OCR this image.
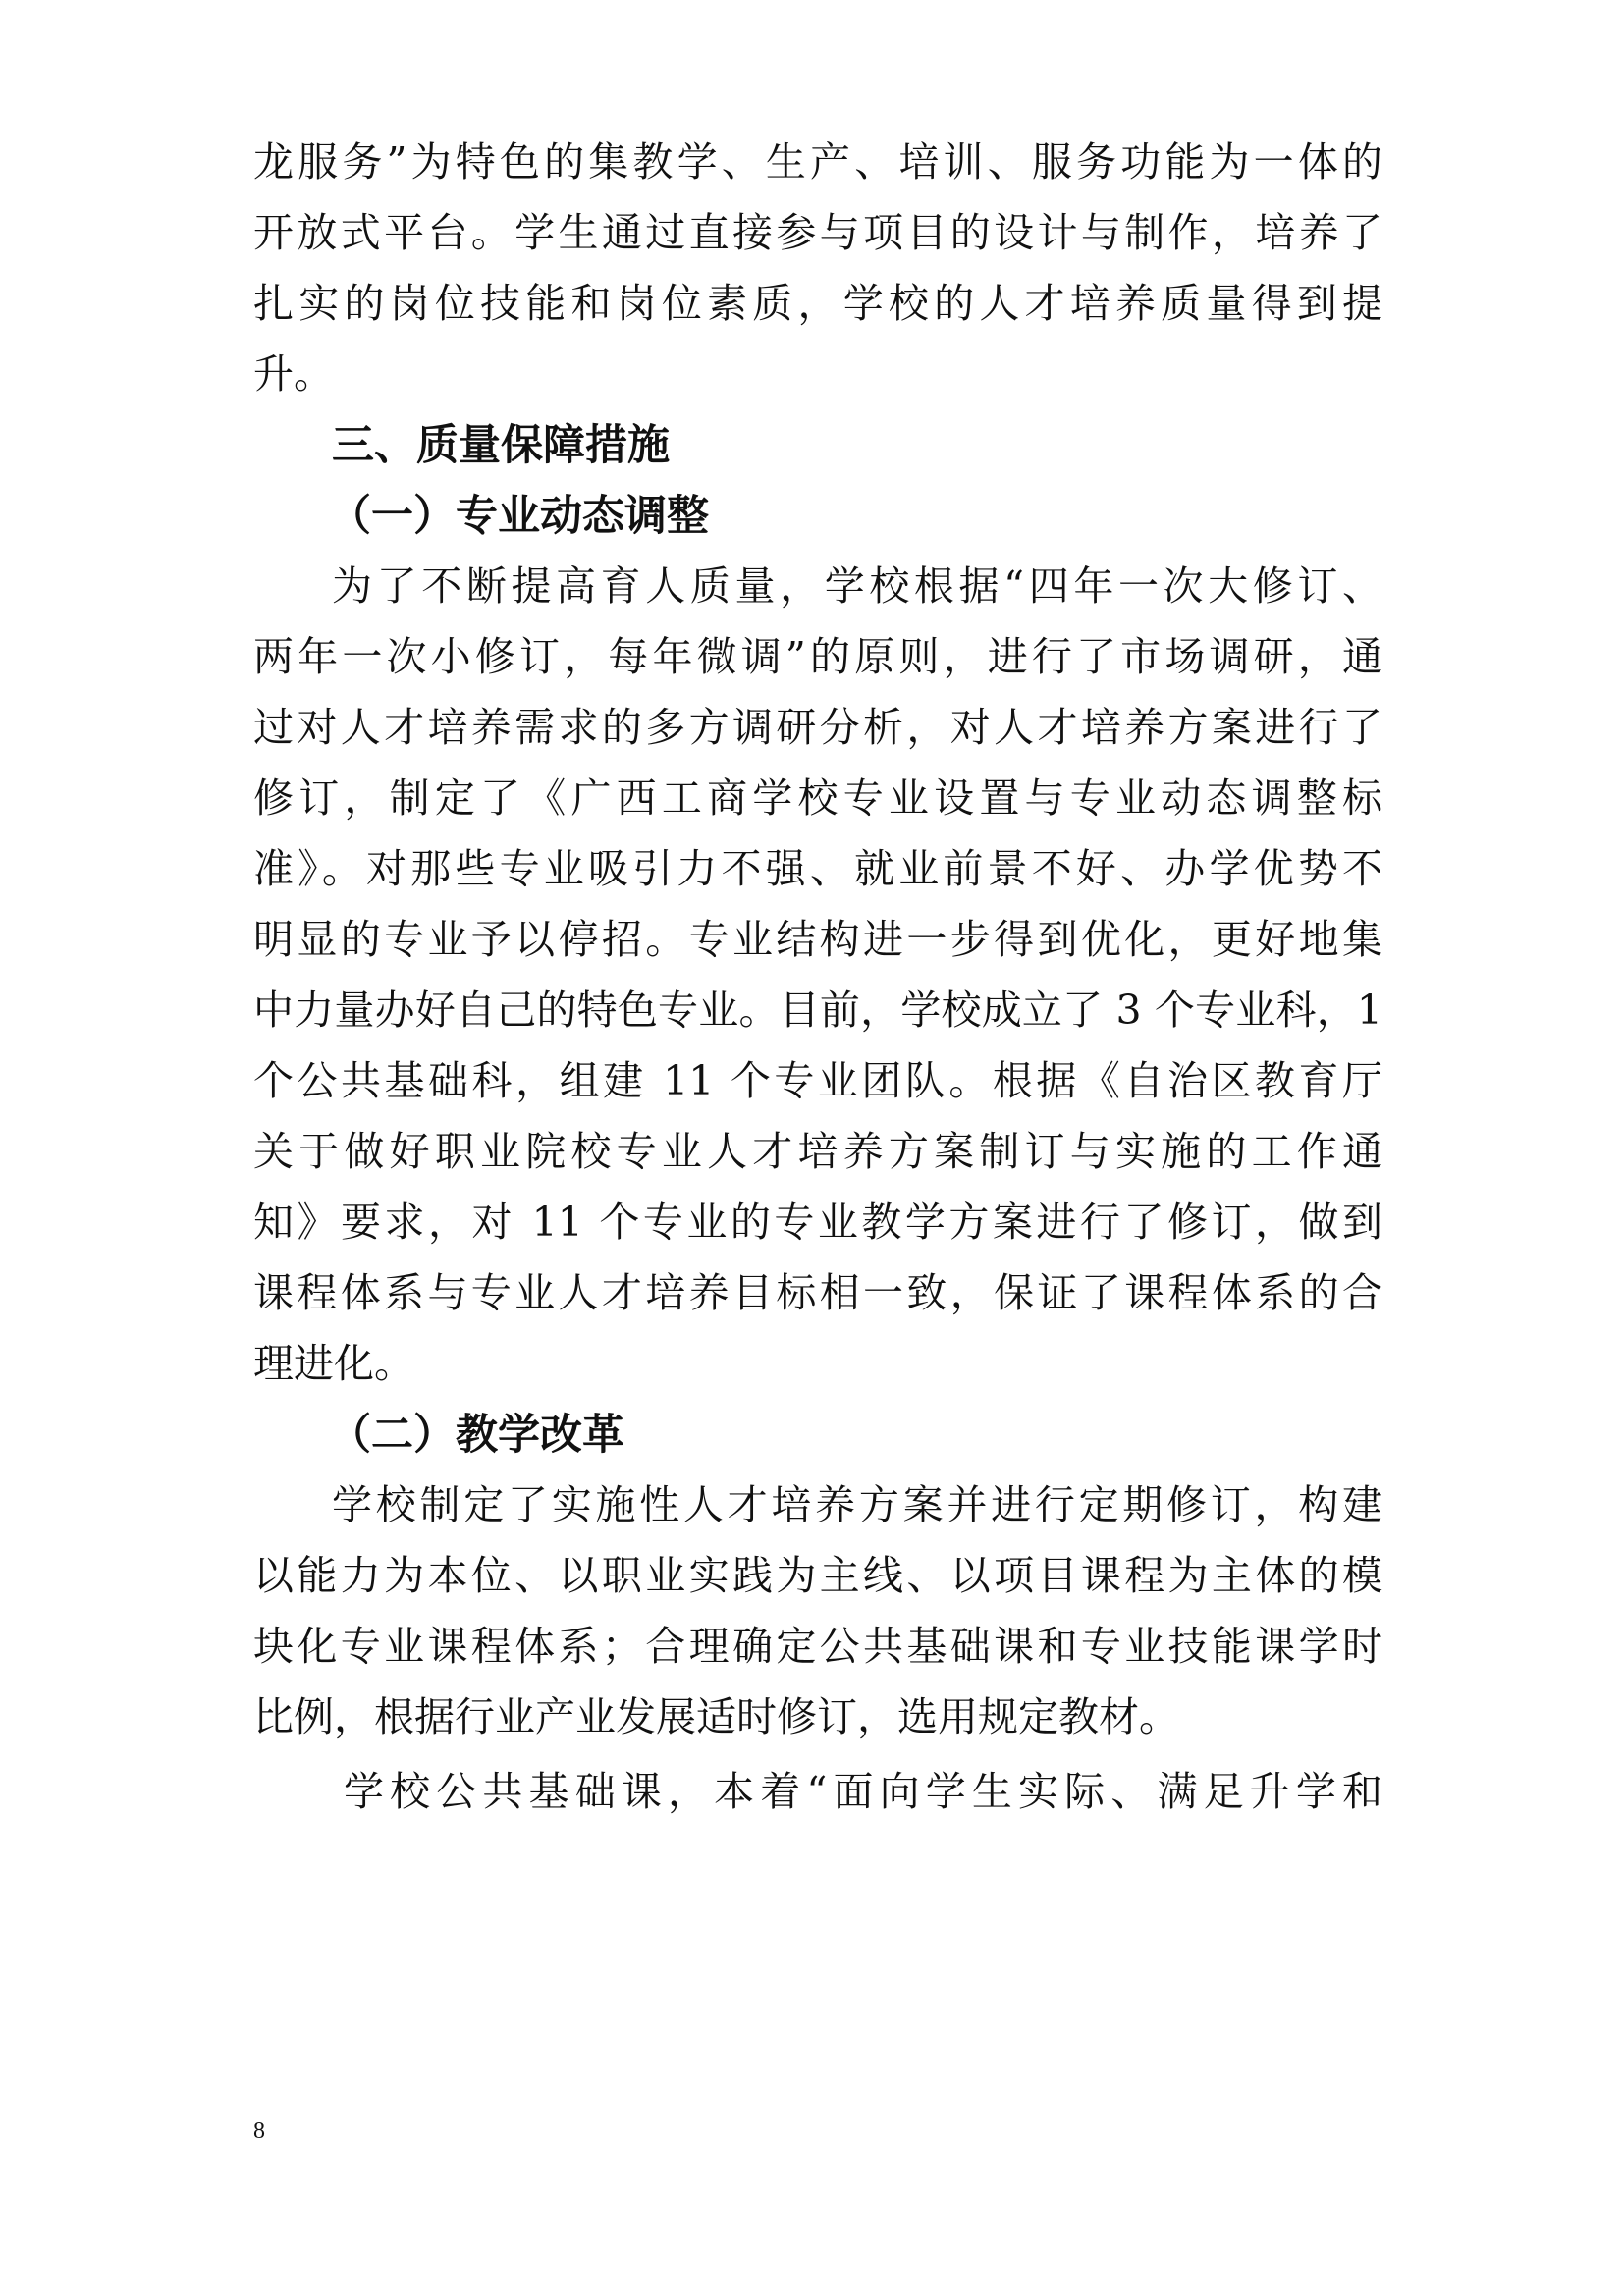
龙服务”为特色的集教学、生产、培训、服务功能为一体的
开放式平台。学生通过直接参与项目的设计与制作，培养了
扎实的岗位技能和岗位素质，学校的人才培养质量得到提
升。
三、质量保障措施
（一）专业动态调整
为了不断提高育人质量，学校根据“四年一次大修订、
两年一次小修订，每年微调”的原则，进行了市场调研，通
过对人才培养需求的多方调研分析，对人才培养方案进行了
修订，制定了《广西工商学校专业设置与专业动态调整标
准》。对那些专业吸引力不强、就业前景不好、办学优势不
明显的专业予以停招。专业结构进一步得到优化，更好地集
中力量办好自己的特色专业。目前，学校成立了 3 个专业科，1
个公共基础科，组建 11 个专业团队。根据《自治区教育厅
关于做好职业院校专业人才培养方案制订与实施的工作通
知》要求，对 11 个专业的专业教学方案进行了修订，做到
课程体系与专业人才培养目标相一致，保证了课程体系的合
理进化。
（二）教学改革
学校制定了实施性人才培养方案并进行定期修订，构建
以能力为本位、以职业实践为主线、以项目课程为主体的模
块化专业课程体系；合理确定公共基础课和专业技能课学时
比例，根据行业产业发展适时修订，选用规定教材。
学校公共基础课，本着“面向学生实际、满足升学和
8
